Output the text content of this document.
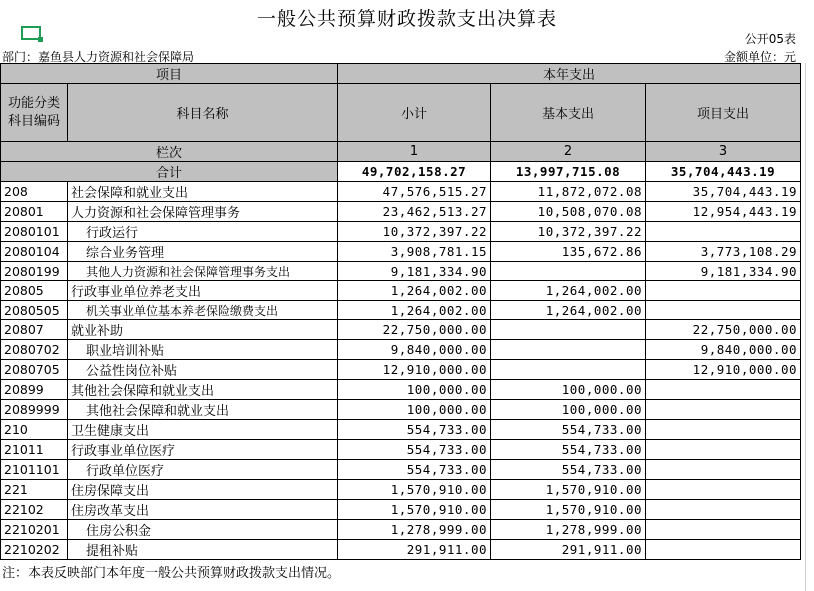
一般公共预算财政拨款支出决算表
公开05表
部门：嘉鱼县人力资源和社会保障局	金额单位：元
项目		本年支出		
功能分类
科目编码	科目名称	小计	基本支出	项目支出
栏次		1	2	3
合计		49,702,158.27	13,997,715.08	35,704,443.19
208	社会保障和就业支出	47,576,515.27	11,872,072.08	35,704,443.19
20801	人力资源和社会保障管理事务	23,462,513.27	10,508,070.08	12,954,443.19
2080101	行政运行	10,372,397.22	10,372,397.22	
2080104	综合业务管理	3,908,781.15	135,672.86	3,773,108.29
2080199	其他人力资源和社会保障管理事务支出	9,181,334.90		9,181,334.90
20805	行政事业单位养老支出	1,264,002.00	1,264,002.00	
2080505	机关事业单位基本养老保险缴费支出	1,264,002.00	1,264,002.00	
20807	就业补助	22,750,000.00		22,750,000.00
2080702	职业培训补贴	9,840,000.00		9,840,000.00
2080705	公益性岗位补贴	12,910,000.00		12,910,000.00
20899	其他社会保障和就业支出	100,000.00	100,000.00	
2089999	其他社会保障和就业支出	100,000.00	100,000.00	
210	卫生健康支出	554,733.00	554,733.00	
21011	行政事业单位医疗	554,733.00	554,733.00	
2101101	行政单位医疗	554,733.00	554,733.00	
221	住房保障支出	1,570,910.00	1,570,910.00	
22102	住房改革支出	1,570,910.00	1,570,910.00	
2210201	住房公积金	1,278,999.00	1,278,999.00	
2210202	提租补贴	291,911.00	291,911.00	
注：本表反映部门本年度一般公共预算财政拨款支出情况。
